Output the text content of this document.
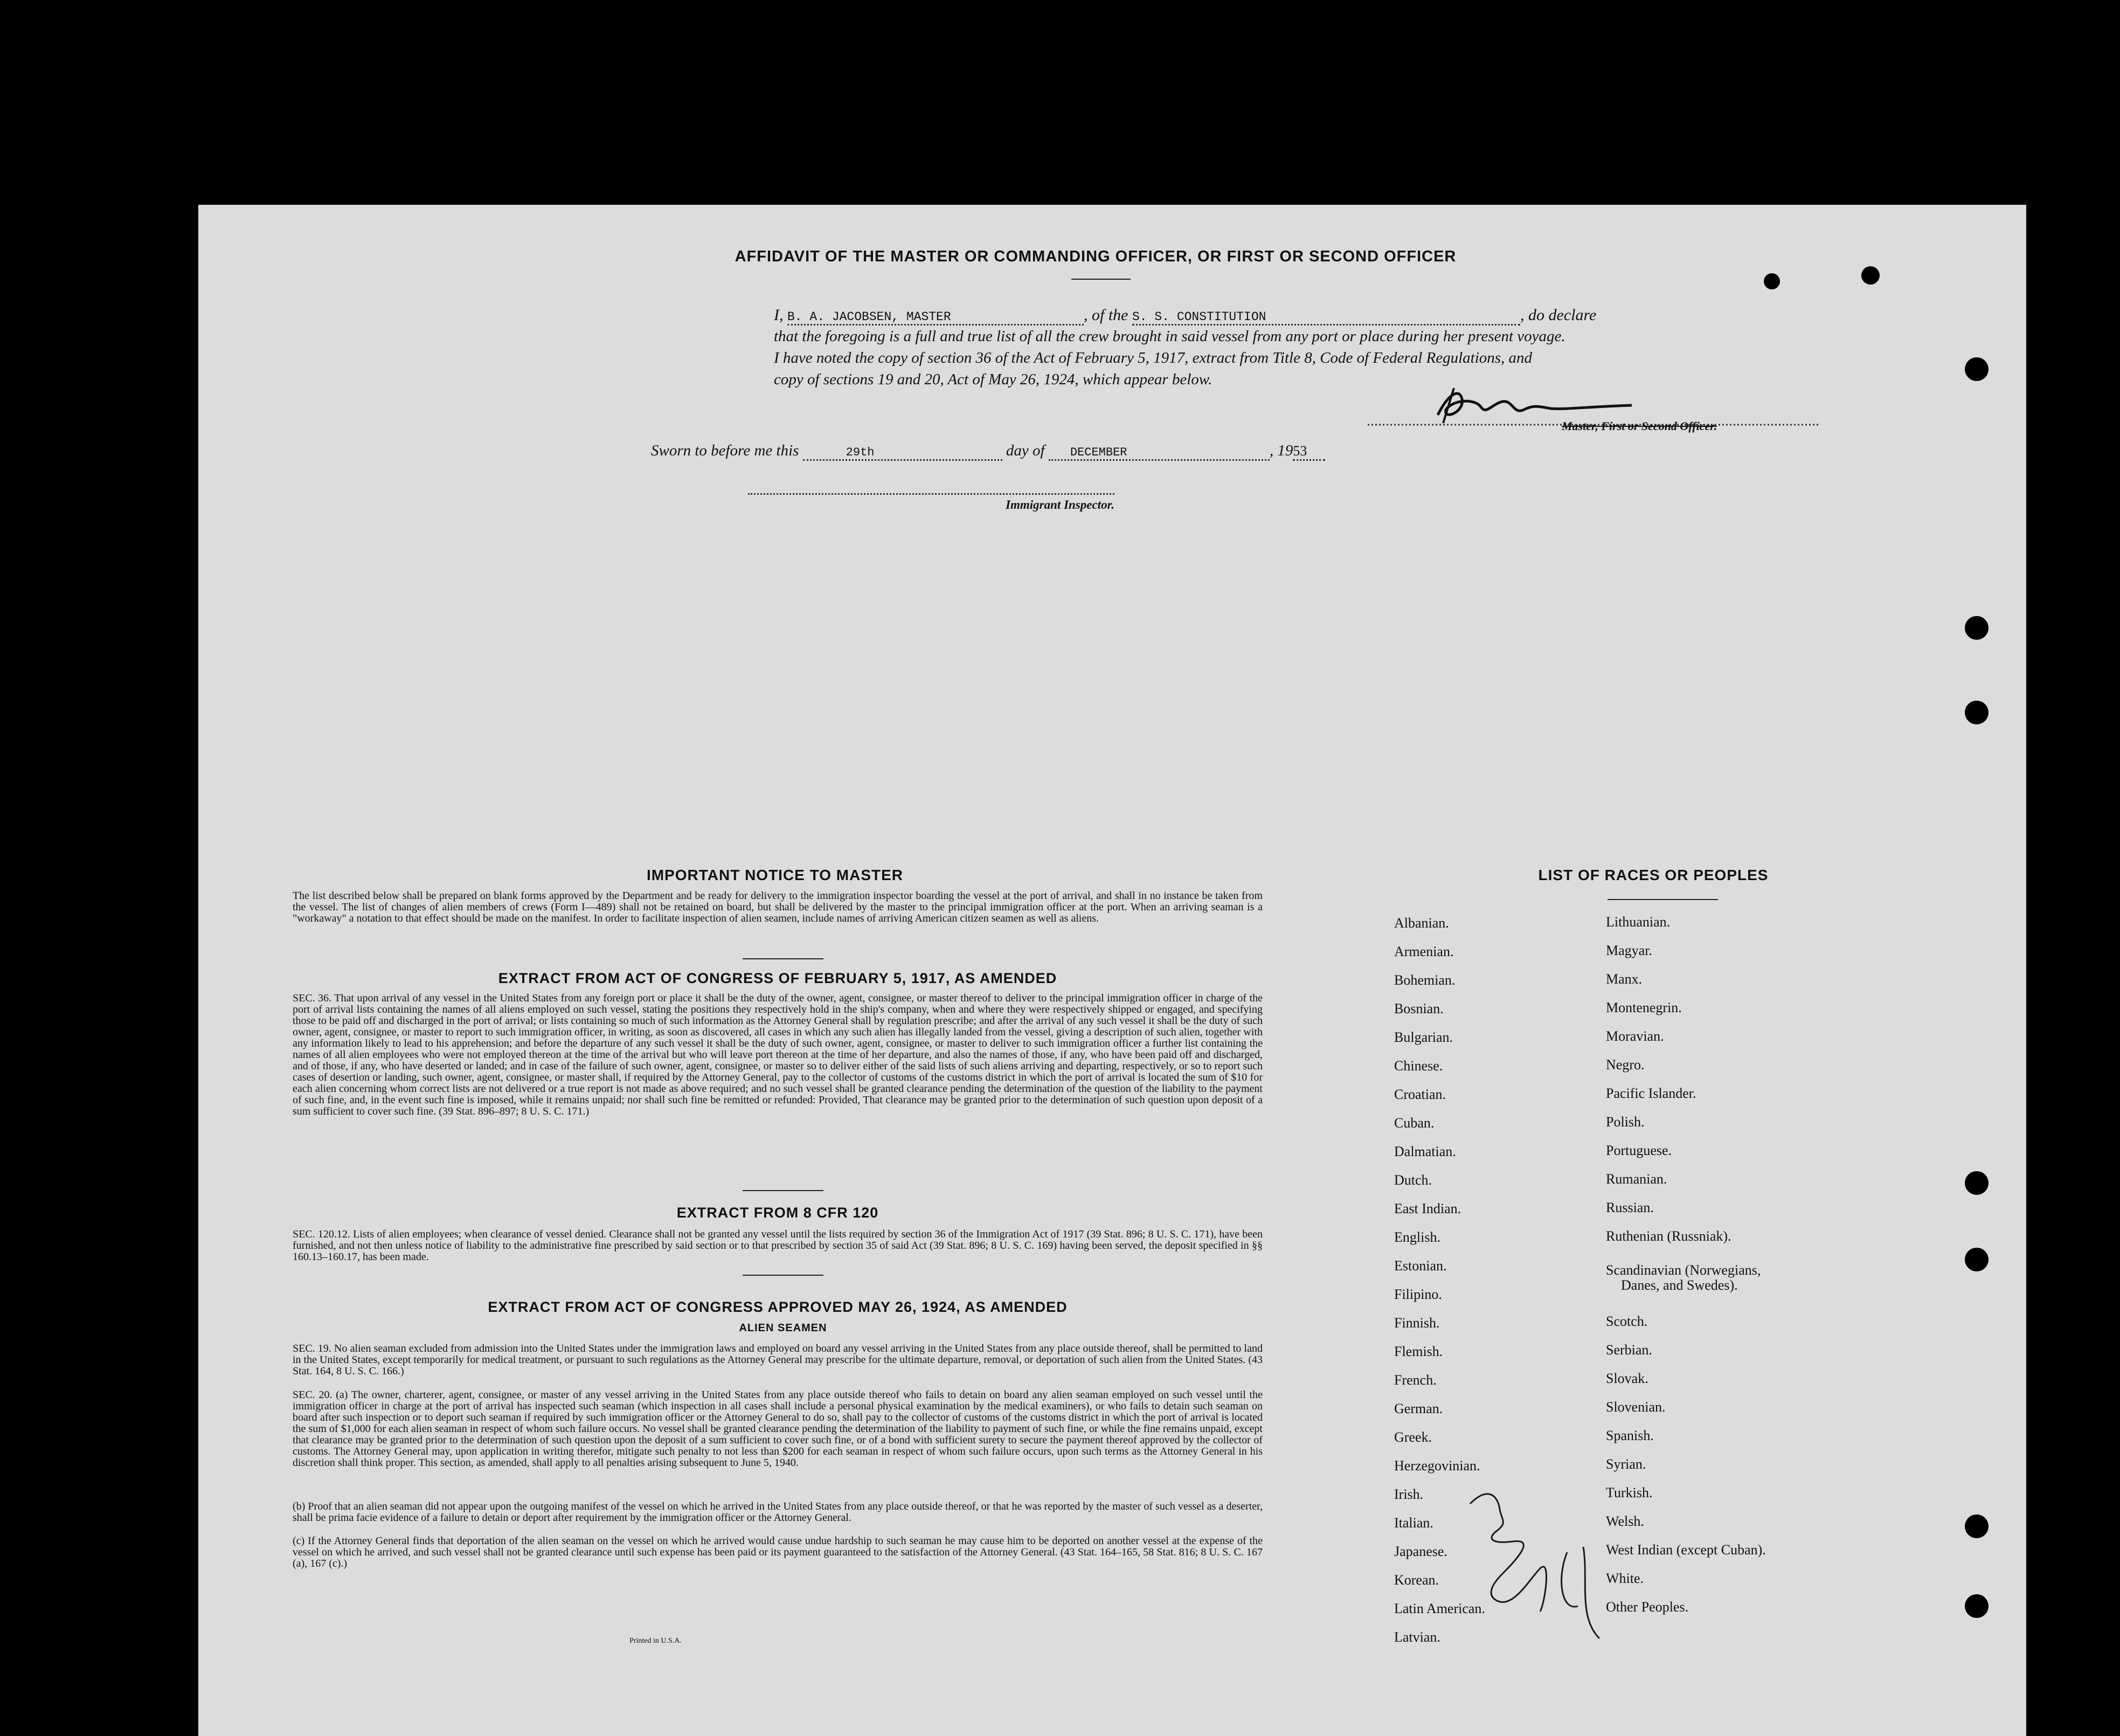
AFFIDAVIT OF THE MASTER OR COMMANDING OFFICER, OR FIRST OR SECOND OFFICER
I, B. A. JACOBSEN, MASTER	, of the S. S. CONSTITUTION	, do declare
that the foregoing is a full and true list of all the crew brought in said vessel from any port or place during her present voyage.
I have noted the copy of section 36 of the Act of February 5, 1917, extract from Title 8, Code of Federal Regulations, and
copy of sections 19 and 20, Act of May 26, 1924, which appear below.
Master, First or Second Officer.
Sworn to before me this	29th	day of DECEMBER	, 1953
Immigrant Inspector.
IMPORTANT NOTICE TO MASTER
The list described below shall be prepared on blank forms approved by the Department and be ready for delivery to the immigration inspector boarding the vessel at the port of arrival, and shall in no instance be taken from the vessel. The list of changes of alien members of crews (Form I—489) shall not be retained on board, but shall be delivered by the master to the principal immigration officer at the port. When an arriving seaman is a "workaway" a notation to that effect should be made on the manifest. In order to facilitate inspection of alien seamen, include names of arriving American citizen seamen as well as aliens.
EXTRACT FROM ACT OF CONGRESS OF FEBRUARY 5, 1917, AS AMENDED
SEC. 36. That upon arrival of any vessel in the United States from any foreign port or place it shall be the duty of the owner, agent, consignee, or master thereof to deliver to the principal immigration officer in charge of the port of arrival lists containing the names of all aliens employed on such vessel, stating the positions they respectively hold in the ship's company, when and where they were respectively shipped or engaged, and specifying those to be paid off and discharged in the port of arrival; or lists containing so much of such information as the Attorney General shall by regulation prescribe; and after the arrival of any such vessel it shall be the duty of such owner, agent, consignee, or master to report to such immigration officer, in writing, as soon as discovered, all cases in which any such alien has illegally landed from the vessel, giving a description of such alien, together with any information likely to lead to his apprehension; and before the departure of any such vessel it shall be the duty of such owner, agent, consignee, or master to deliver to such immigration officer a further list containing the names of all alien employees who were not employed thereon at the time of the arrival but who will leave port thereon at the time of her departure, and also the names of those, if any, who have been paid off and discharged, and of those, if any, who have deserted or landed; and in case of the failure of such owner, agent, consignee, or master so to deliver either of the said lists of such aliens arriving and departing, respectively, or so to report such cases of desertion or landing, such owner, agent, consignee, or master shall, if required by the Attorney General, pay to the collector of customs of the customs district in which the port of arrival is located the sum of $10 for each alien concerning whom correct lists are not delivered or a true report is not made as above required; and no such vessel shall be granted clearance pending the determination of the question of the liability to the payment of such fine, and, in the event such fine is imposed, while it remains unpaid; nor shall such fine be remitted or refunded: Provided, That clearance may be granted prior to the determination of such question upon deposit of a sum sufficient to cover such fine. (39 Stat. 896–897; 8 U. S. C. 171.)
EXTRACT FROM 8 CFR 120
SEC. 120.12. Lists of alien employees; when clearance of vessel denied. Clearance shall not be granted any vessel until the lists required by section 36 of the Immigration Act of 1917 (39 Stat. 896; 8 U. S. C. 171), have been furnished, and not then unless notice of liability to the administrative fine prescribed by said section or to that prescribed by section 35 of said Act (39 Stat. 896; 8 U. S. C. 169) having been served, the deposit specified in §§ 160.13–160.17, has been made.
EXTRACT FROM ACT OF CONGRESS APPROVED MAY 26, 1924, AS AMENDED
ALIEN SEAMEN
SEC. 19. No alien seaman excluded from admission into the United States under the immigration laws and employed on board any vessel arriving in the United States from any place outside thereof, shall be permitted to land in the United States, except temporarily for medical treatment, or pursuant to such regulations as the Attorney General may prescribe for the ultimate departure, removal, or deportation of such alien from the United States. (43 Stat. 164, 8 U. S. C. 166.)
SEC. 20. (a) The owner, charterer, agent, consignee, or master of any vessel arriving in the United States from any place outside thereof who fails to detain on board any alien seaman employed on such vessel until the immigration officer in charge at the port of arrival has inspected such seaman (which inspection in all cases shall include a personal physical examination by the medical examiners), or who fails to detain such seaman on board after such inspection or to deport such seaman if required by such immigration officer or the Attorney General to do so, shall pay to the collector of customs of the customs district in which the port of arrival is located the sum of $1,000 for each alien seaman in respect of whom such failure occurs. No vessel shall be granted clearance pending the determination of the liability to payment of such fine, or while the fine remains unpaid, except that clearance may be granted prior to the determination of such question upon the deposit of a sum sufficient to cover such fine, or of a bond with sufficient surety to secure the payment thereof approved by the collector of customs. The Attorney General may, upon application in writing therefor, mitigate such penalty to not less than $200 for each seaman in respect of whom such failure occurs, upon such terms as the Attorney General in his discretion shall think proper. This section, as amended, shall apply to all penalties arising subsequent to June 5, 1940.
(b) Proof that an alien seaman did not appear upon the outgoing manifest of the vessel on which he arrived in the United States from any place outside thereof, or that he was reported by the master of such vessel as a deserter, shall be prima facie evidence of a failure to detain or deport after requirement by the immigration officer or the Attorney General.
(c) If the Attorney General finds that deportation of the alien seaman on the vessel on which he arrived would cause undue hardship to such seaman he may cause him to be deported on another vessel at the expense of the vessel on which he arrived, and such vessel shall not be granted clearance until such expense has been paid or its payment guaranteed to the satisfaction of the Attorney General. (43 Stat. 164–165, 58 Stat. 816; 8 U. S. C. 167 (a), 167 (c).)
Printed in U.S.A.
LIST OF RACES OR PEOPLES
Albanian.
Armenian.
Bohemian.
Bosnian.
Bulgarian.
Chinese.
Croatian.
Cuban.
Dalmatian.
Dutch.
East Indian.
English.
Estonian.
Filipino.
Finnish.
Flemish.
French.
German.
Greek.
Herzegovinian.
Irish.
Italian.
Japanese.
Korean.
Latin American.
Latvian.
Lithuanian.
Magyar.
Manx.
Montenegrin.
Moravian.
Negro.
Pacific Islander.
Polish.
Portuguese.
Rumanian.
Russian.
Ruthenian (Russniak).
Scandinavian (Norwegians,
Danes, and Swedes).
Scotch.
Serbian.
Slovak.
Slovenian.
Spanish.
Syrian.
Turkish.
Welsh.
West Indian (except Cuban).
White.
Other Peoples.
